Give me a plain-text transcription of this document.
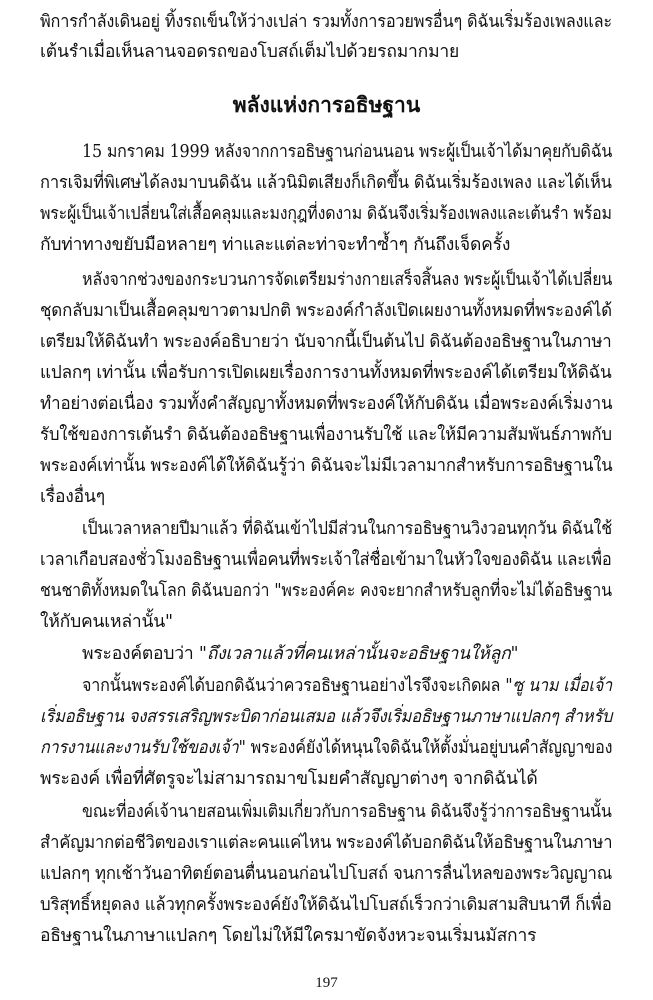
พิการกำลังเดินอยู่ ทิ้งรถเข็นให้ว่างเปล่า รวมทั้งการอวยพรอื่นๆ ดิฉันเริ่มร้องเพลงและ
เต้นรำเมื่อเห็นลานจอดรถของโบสถ์เต็มไปด้วยรถมากมาย
พลังแห่งการอธิษฐาน
15 มกราคม 1999 หลังจากการอธิษฐานก่อนนอน พระผู้เป็นเจ้าได้มาคุยกับดิฉัน
การเจิมที่พิเศษได้ลงมาบนดิฉัน แล้วนิมิตเสียงก็เกิดขึ้น ดิฉันเริ่มร้องเพลง และได้เห็น
พระผู้เป็นเจ้าเปลี่ยนใส่เสื้อคลุมและมงกุฎที่งดงาม ดิฉันจึงเริ่มร้องเพลงและเต้นรำ พร้อม
กับท่าทางขยับมือหลายๆ ท่าและแต่ละท่าจะทำซ้ำๆ กันถึงเจ็ดครั้ง
หลังจากช่วงของกระบวนการจัดเตรียมร่างกายเสร็จสิ้นลง พระผู้เป็นเจ้าได้เปลี่ยน
ชุดกลับมาเป็นเสื้อคลุมขาวตามปกติ พระองค์กำลังเปิดเผยงานทั้งหมดที่พระองค์ได้
เตรียมให้ดิฉันทำ พระองค์อธิบายว่า นับจากนี้เป็นต้นไป ดิฉันต้องอธิษฐานในภาษา
แปลกๆ เท่านั้น เพื่อรับการเปิดเผยเรื่องการงานทั้งหมดที่พระองค์ได้เตรียมให้ดิฉัน
ทำอย่างต่อเนื่อง รวมทั้งคำสัญญาทั้งหมดที่พระองค์ให้กับดิฉัน เมื่อพระองค์เริ่มงาน
รับใช้ของการเต้นรำ ดิฉันต้องอธิษฐานเพื่องานรับใช้ และให้มีความสัมพันธ์ภาพกับ
พระองค์เท่านั้น พระองค์ได้ให้ดิฉันรู้ว่า ดิฉันจะไม่มีเวลามากสำหรับการอธิษฐานใน
เรื่องอื่นๆ
เป็นเวลาหลายปีมาแล้ว ที่ดิฉันเข้าไปมีส่วนในการอธิษฐานวิงวอนทุกวัน ดิฉันใช้
เวลาเกือบสองชั่วโมงอธิษฐานเพื่อคนที่พระเจ้าใส่ชื่อเข้ามาในหัวใจของดิฉัน และเพื่อ
ชนชาติทั้งหมดในโลก ดิฉันบอกว่า "พระองค์คะ คงจะยากสำหรับลูกที่จะไม่ได้อธิษฐาน
ให้กับคนเหล่านั้น"
พระองค์ตอบว่า "ถึงเวลาแล้วที่คนเหล่านั้นจะอธิษฐานให้ลูก"
จากนั้นพระองค์ได้บอกดิฉันว่าควรอธิษฐานอย่างไรจึงจะเกิดผล "ซู นาม เมื่อเจ้า
เริ่มอธิษฐาน จงสรรเสริญพระบิดาก่อนเสมอ แล้วจึงเริ่มอธิษฐานภาษาแปลกๆ สำหรับ
การงานและงานรับใช้ของเจ้า" พระองค์ยังได้หนุนใจดิฉันให้ตั้งมั่นอยู่บนคำสัญญาของ
พระองค์ เพื่อที่ศัตรูจะไม่สามารถมาขโมยคำสัญญาต่างๆ จากดิฉันได้
ขณะที่องค์เจ้านายสอนเพิ่มเติมเกี่ยวกับการอธิษฐาน ดิฉันจึงรู้ว่าการอธิษฐานนั้น
สำคัญมากต่อชีวิตของเราแต่ละคนแค่ไหน พระองค์ได้บอกดิฉันให้อธิษฐานในภาษา
แปลกๆ ทุกเช้าวันอาทิตย์ตอนตื่นนอนก่อนไปโบสถ์ จนการลื่นไหลของพระวิญญาณ
บริสุทธิ์หยุดลง แล้วทุกครั้งพระองค์ยังให้ดิฉันไปโบสถ์เร็วกว่าเดิมสามสิบนาที ก็เพื่อ
อธิษฐานในภาษาแปลกๆ โดยไม่ให้มีใครมาขัดจังหวะจนเริ่มนมัสการ
197
